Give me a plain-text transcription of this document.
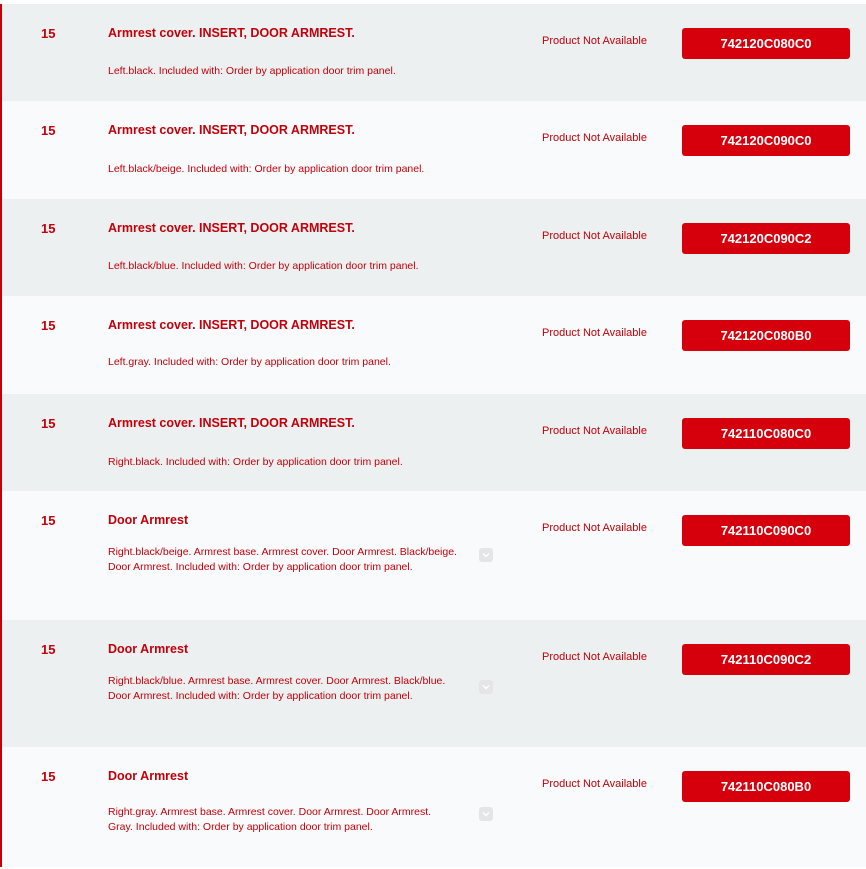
15	Armrest cover. INSERT, DOOR ARMREST.
Left.black. Included with: Order by application door trim panel.
Product Not Available	742120C080C0
15	Armrest cover. INSERT, DOOR ARMREST.
Left.black/beige. Included with: Order by application door trim panel.
Product Not Available	742120C090C0
15	Armrest cover. INSERT, DOOR ARMREST.
Left.black/blue. Included with: Order by application door trim panel.
Product Not Available	742120C090C2
15	Armrest cover. INSERT, DOOR ARMREST.
Left.gray. Included with: Order by application door trim panel.
Product Not Available	742120C080B0
15	Armrest cover. INSERT, DOOR ARMREST.
Right.black. Included with: Order by application door trim panel.
Product Not Available	742110C080C0
15	Door Armrest
Right.black/beige. Armrest base. Armrest cover. Door Armrest. Black/beige. Door Armrest. Included with: Order by application door trim panel.
Product Not Available	742110C090C0
15	Door Armrest
Right.black/blue. Armrest base. Armrest cover. Door Armrest. Black/blue. Door Armrest. Included with: Order by application door trim panel.
Product Not Available	742110C090C2
15	Door Armrest
Right.gray. Armrest base. Armrest cover. Door Armrest. Door Armrest. Gray. Included with: Order by application door trim panel.
Product Not Available	742110C080B0
